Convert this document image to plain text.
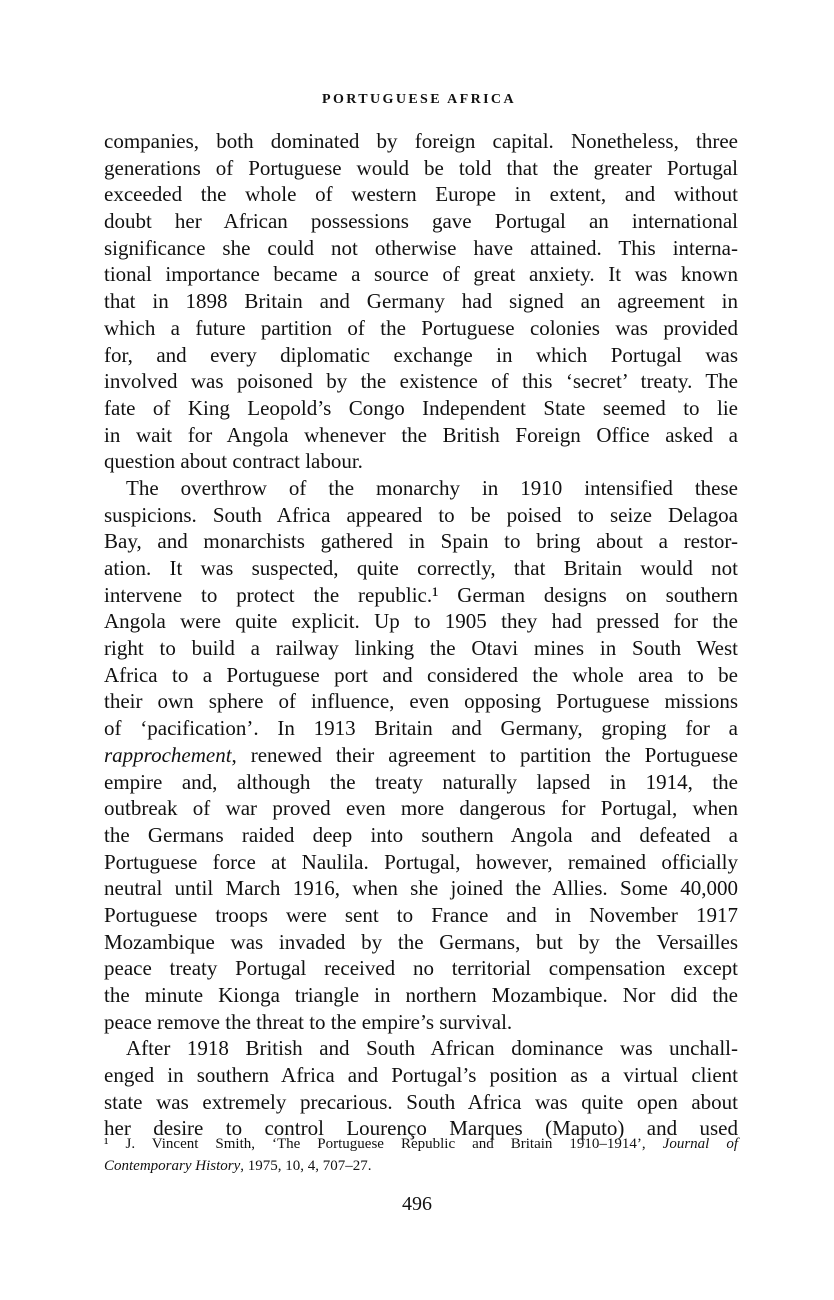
PORTUGUESE AFRICA
companies, both dominated by foreign capital. Nonetheless, three
generations of Portuguese would be told that the greater Portugal
exceeded the whole of western Europe in extent, and without
doubt her African possessions gave Portugal an international
significance she could not otherwise have attained. This interna-
tional importance became a source of great anxiety. It was known
that in 1898 Britain and Germany had signed an agreement in
which a future partition of the Portuguese colonies was provided
for, and every diplomatic exchange in which Portugal was
involved was poisoned by the existence of this ‘secret’ treaty. The
fate of King Leopold’s Congo Independent State seemed to lie
in wait for Angola whenever the British Foreign Office asked a
question about contract labour.
The overthrow of the monarchy in 1910 intensified these
suspicions. South Africa appeared to be poised to seize Delagoa
Bay, and monarchists gathered in Spain to bring about a restor-
ation. It was suspected, quite correctly, that Britain would not
intervene to protect the republic.¹ German designs on southern
Angola were quite explicit. Up to 1905 they had pressed for the
right to build a railway linking the Otavi mines in South West
Africa to a Portuguese port and considered the whole area to be
their own sphere of influence, even opposing Portuguese missions
of ‘pacification’. In 1913 Britain and Germany, groping for a
rapprochement, renewed their agreement to partition the Portuguese
empire and, although the treaty naturally lapsed in 1914, the
outbreak of war proved even more dangerous for Portugal, when
the Germans raided deep into southern Angola and defeated a
Portuguese force at Naulila. Portugal, however, remained officially
neutral until March 1916, when she joined the Allies. Some 40,000
Portuguese troops were sent to France and in November 1917
Mozambique was invaded by the Germans, but by the Versailles
peace treaty Portugal received no territorial compensation except
the minute Kionga triangle in northern Mozambique. Nor did the
peace remove the threat to the empire’s survival.
After 1918 British and South African dominance was unchall-
enged in southern Africa and Portugal’s position as a virtual client
state was extremely precarious. South Africa was quite open about
her desire to control Lourenço Marques (Maputo) and used
¹ J. Vincent Smith, ‘The Portuguese Republic and Britain 1910–1914’, Journal of
Contemporary History, 1975, 10, 4, 707–27.
496
